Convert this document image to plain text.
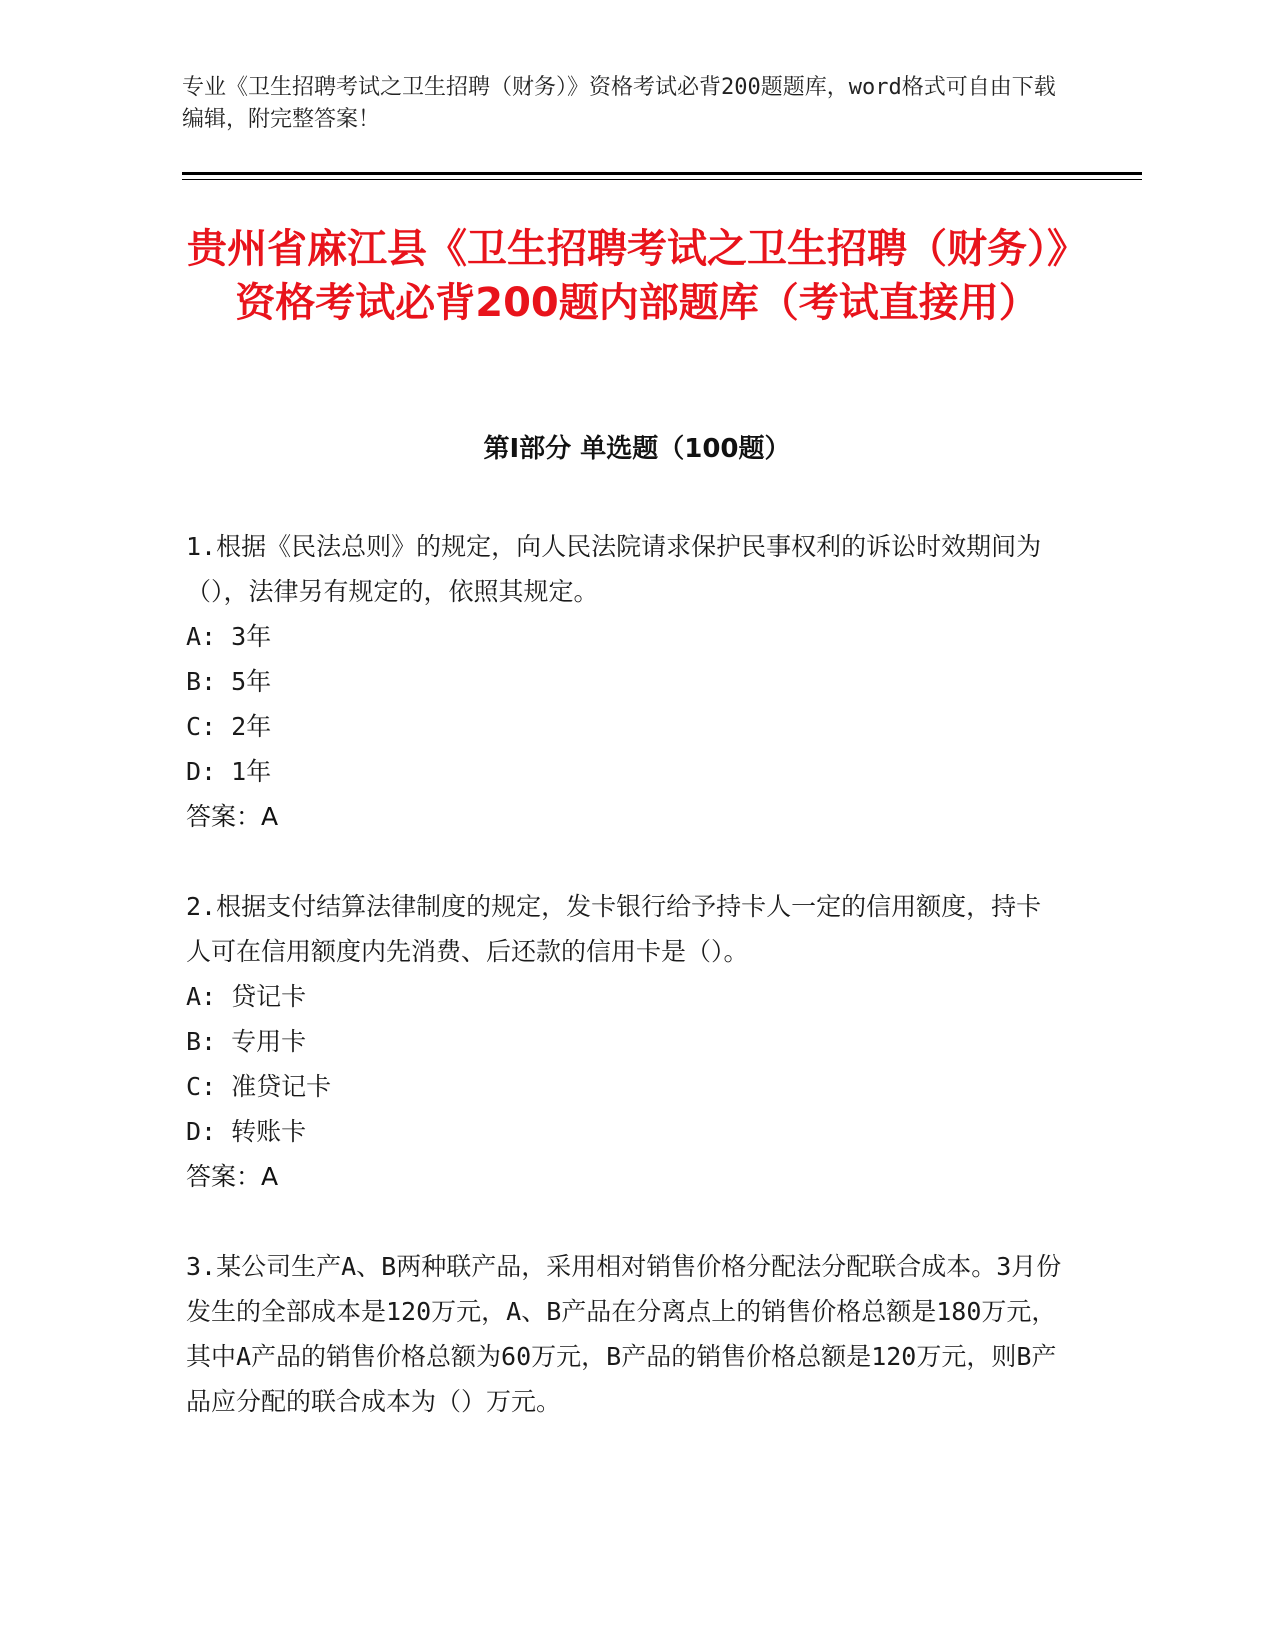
专业《卫生招聘考试之卫生招聘（财务）》资格考试必背200题题库，word格式可自由下载编辑，附完整答案！
贵州省麻江县《卫生招聘考试之卫生招聘（财务）》资格考试必背200题内部题库（考试直接用）
第Ⅰ部分 单选题（100题）

1.根据《民法总则》的规定，向人民法院请求保护民事权利的诉讼时效期间为（），法律另有规定的，依照其规定。

A: 3年

B: 5年

C: 2年

D: 1年

答案：A

2.根据支付结算法律制度的规定，发卡银行给予持卡人一定的信用额度，持卡人可在信用额度内先消费、后还款的信用卡是（）。

A: 贷记卡

B: 专用卡

C: 准贷记卡

D: 转账卡

答案：A

3.某公司生产A、B两种联产品，采用相对销售价格分配法分配联合成本。3月份发生的全部成本是120万元，A、B产品在分离点上的销售价格总额是180万元，其中A产品的销售价格总额为60万元，B产品的销售价格总额是120万元，则B产品应分配的联合成本为（）万元。
